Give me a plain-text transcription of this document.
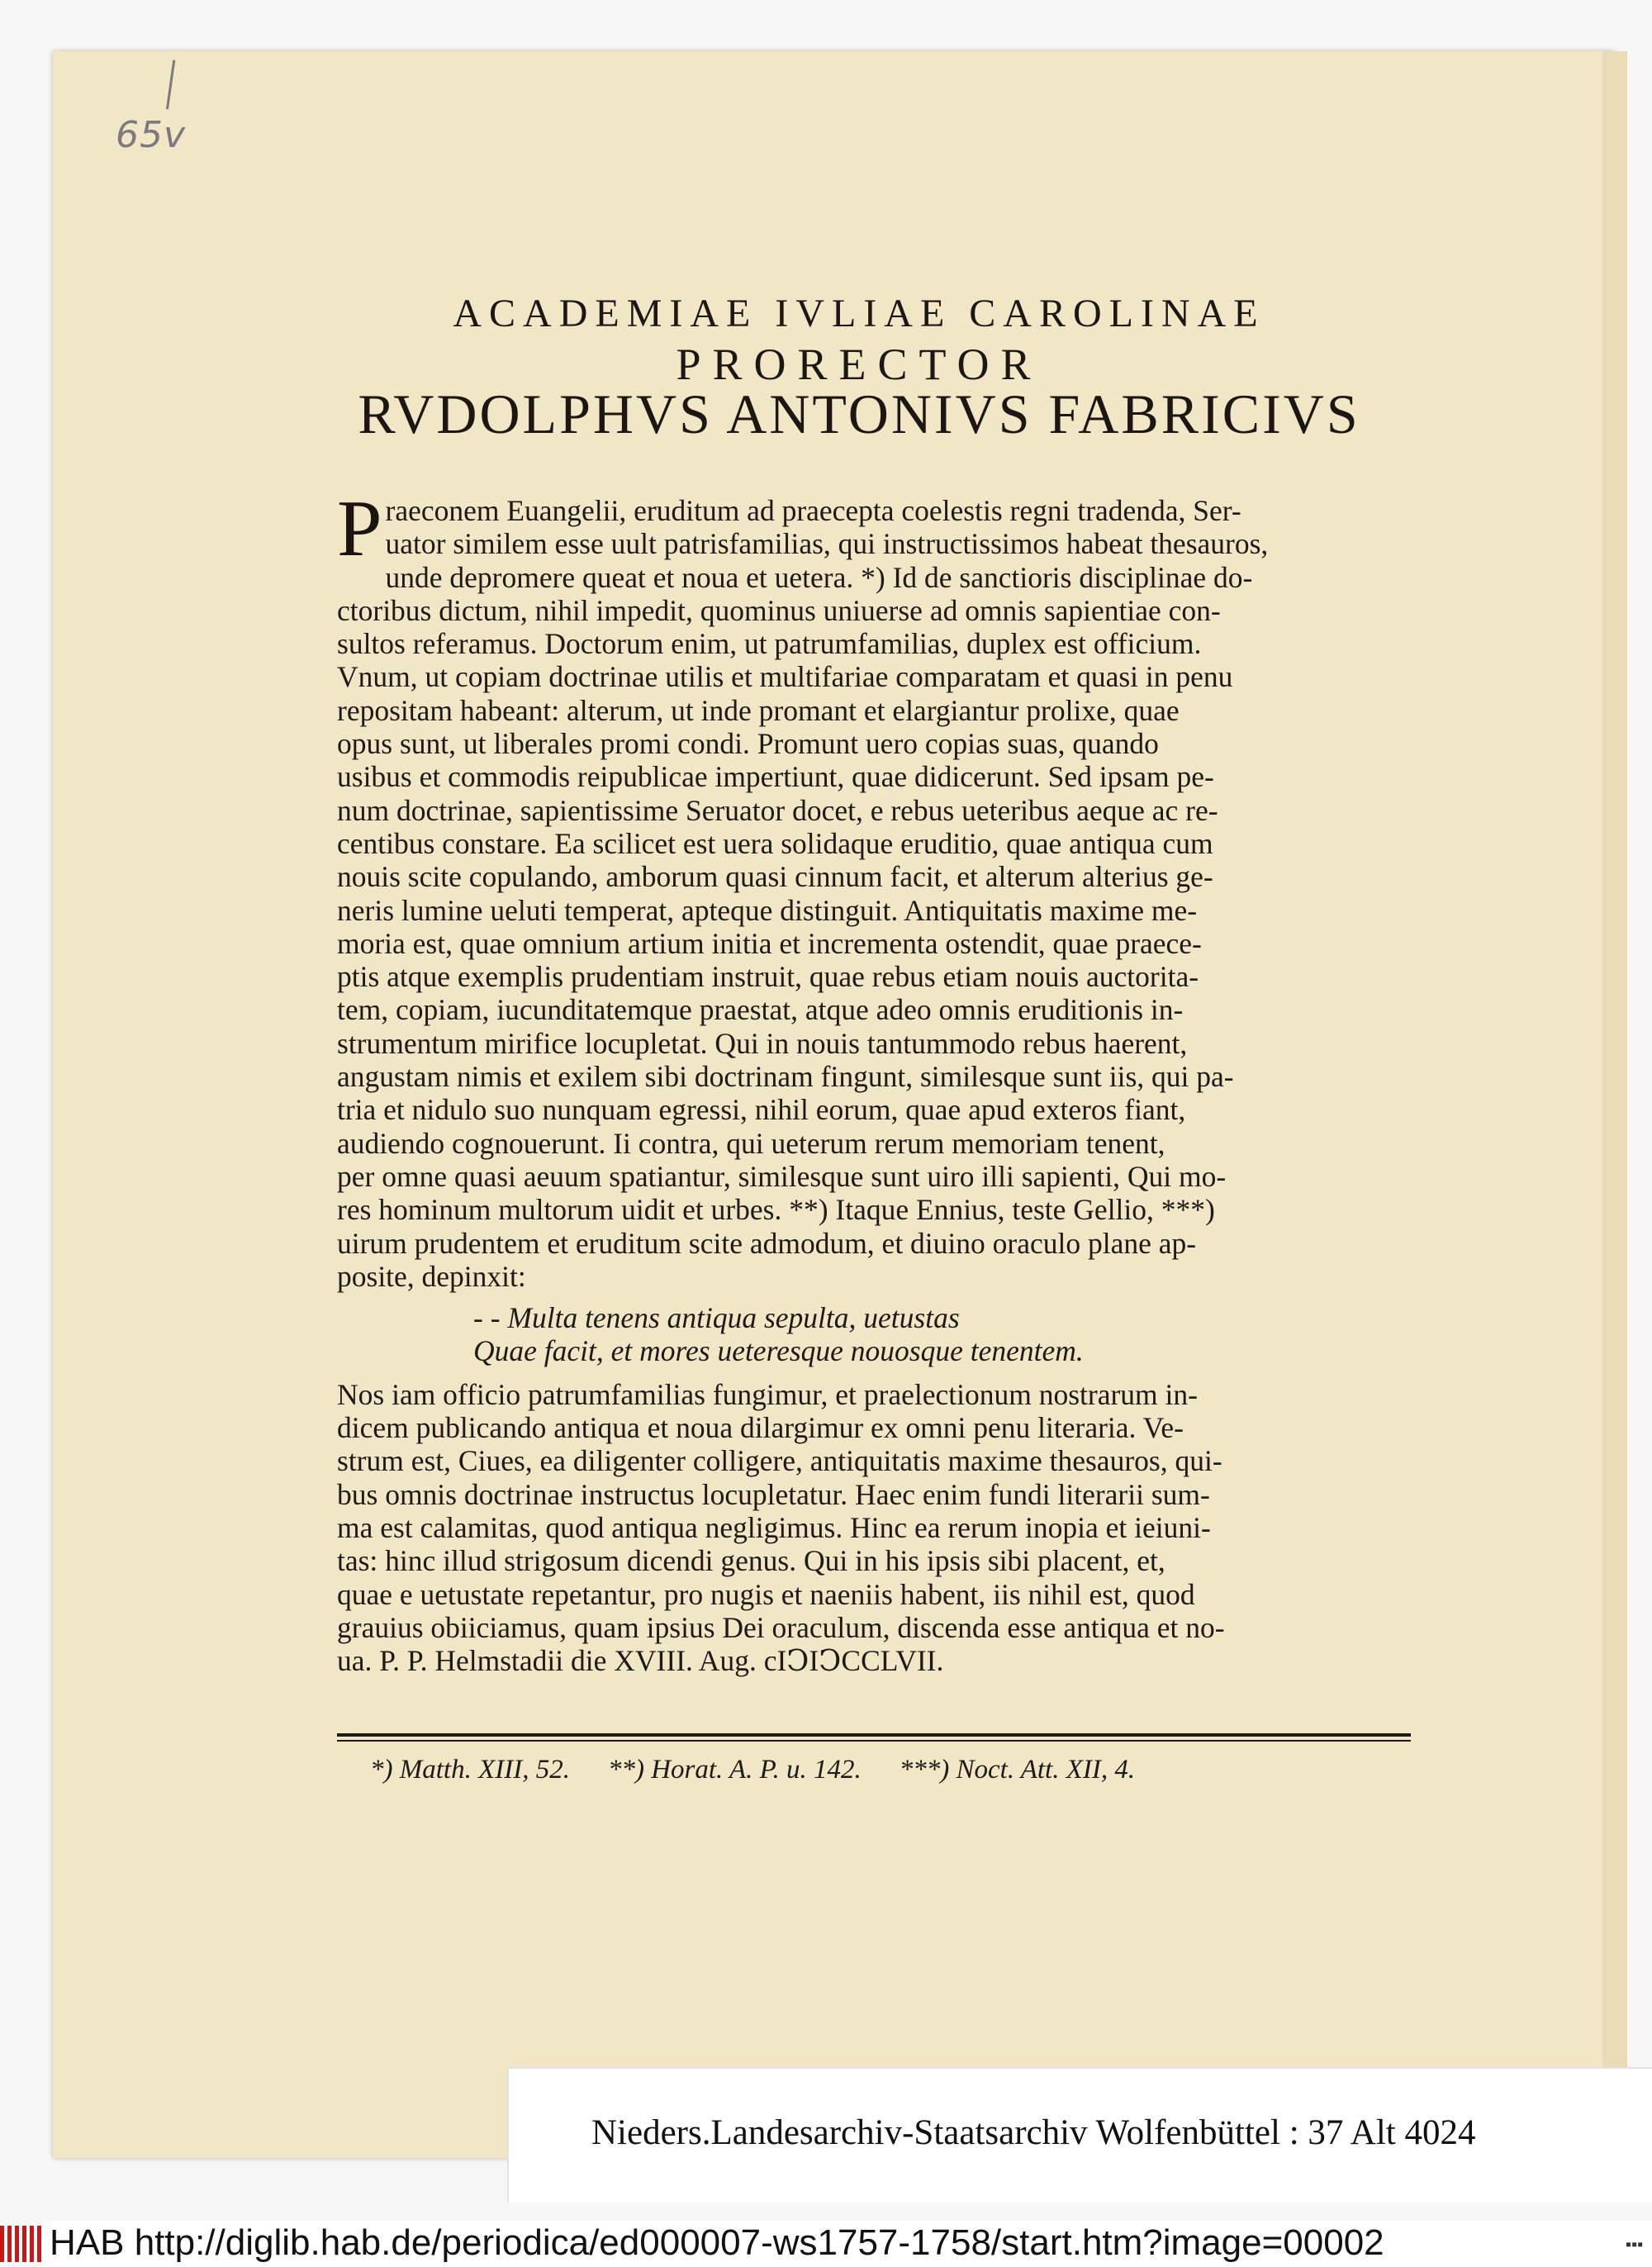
65v
ACADEMIAE IVLIAE CAROLINAE
PRORECTOR
RVDOLPHVS ANTONIVS FABRICIVS
P raeconem Euangelii, eruditum ad praecepta coelestis regni tradenda, Ser-
uator similem esse uult patrisfamilias, qui instructissimos habeat thesauros,
unde depromere queat et noua et uetera. *) Id de sanctioris disciplinae do-
ctoribus dictum, nihil impedit, quominus uniuerse ad omnis sapientiae con-
sultos referamus. Doctorum enim, ut patrumfamilias, duplex est officium.
Vnum, ut copiam doctrinae utilis et multifariae comparatam et quasi in penu
repositam habeant: alterum, ut inde promant et elargiantur prolixe, quae
opus sunt, ut liberales promi condi. Promunt uero copias suas, quando
usibus et commodis reipublicae impertiunt, quae didicerunt. Sed ipsam pe-
num doctrinae, sapientissime Seruator docet, e rebus ueteribus aeque ac re-
centibus constare. Ea scilicet est uera solidaque eruditio, quae antiqua cum
nouis scite copulando, amborum quasi cinnum facit, et alterum alterius ge-
neris lumine ueluti temperat, apteque distinguit. Antiquitatis maxime me-
moria est, quae omnium artium initia et incrementa ostendit, quae praece-
ptis atque exemplis prudentiam instruit, quae rebus etiam nouis auctorita-
tem, copiam, iucunditatemque praestat, atque adeo omnis eruditionis in-
strumentum mirifice locupletat. Qui in nouis tantummodo rebus haerent,
angustam nimis et exilem sibi doctrinam fingunt, similesque sunt iis, qui pa-
tria et nidulo suo nunquam egressi, nihil eorum, quae apud exteros fiant,
audiendo cognouerunt. Ii contra, qui ueterum rerum memoriam tenent,
per omne quasi aeuum spatiantur, similesque sunt uiro illi sapienti, Qui mo-
res hominum multorum uidit et urbes. **) Itaque Ennius, teste Gellio, ***)
uirum prudentem et eruditum scite admodum, et diuino oraculo plane ap-
posite, depinxit:
- - Multa tenens antiqua sepulta, uetustas
Quae facit, et mores ueteresque nouosque tenentem.
Nos iam officio patrumfamilias fungimur, et praelectionum nostrarum in-
dicem publicando antiqua et noua dilargimur ex omni penu literaria. Ve-
strum est, Ciues, ea diligenter colligere, antiquitatis maxime thesauros, qui-
bus omnis doctrinae instructus locupletatur. Haec enim fundi literarii sum-
ma est calamitas, quod antiqua negligimus. Hinc ea rerum inopia et ieiuni-
tas: hinc illud strigosum dicendi genus. Qui in his ipsis sibi placent, et,
quae e uetustate repetantur, pro nugis et naeniis habent, iis nihil est, quod
grauius obiiciamus, quam ipsius Dei oraculum, discenda esse antiqua et no-
ua. P. P. Helmstadii die XVIII. Aug. cIↃIↃCCLVII.
*) Matth. XIII, 52. **) Horat. A. P. u. 142. ***) Noct. Att. XII, 4.
Nieders.Landesarchiv-Staatsarchiv Wolfenbüttel : 37 Alt 4024
HAB http://diglib.hab.de/periodica/ed000007-ws1757-1758/start.htm?image=00002	▪▪▪
